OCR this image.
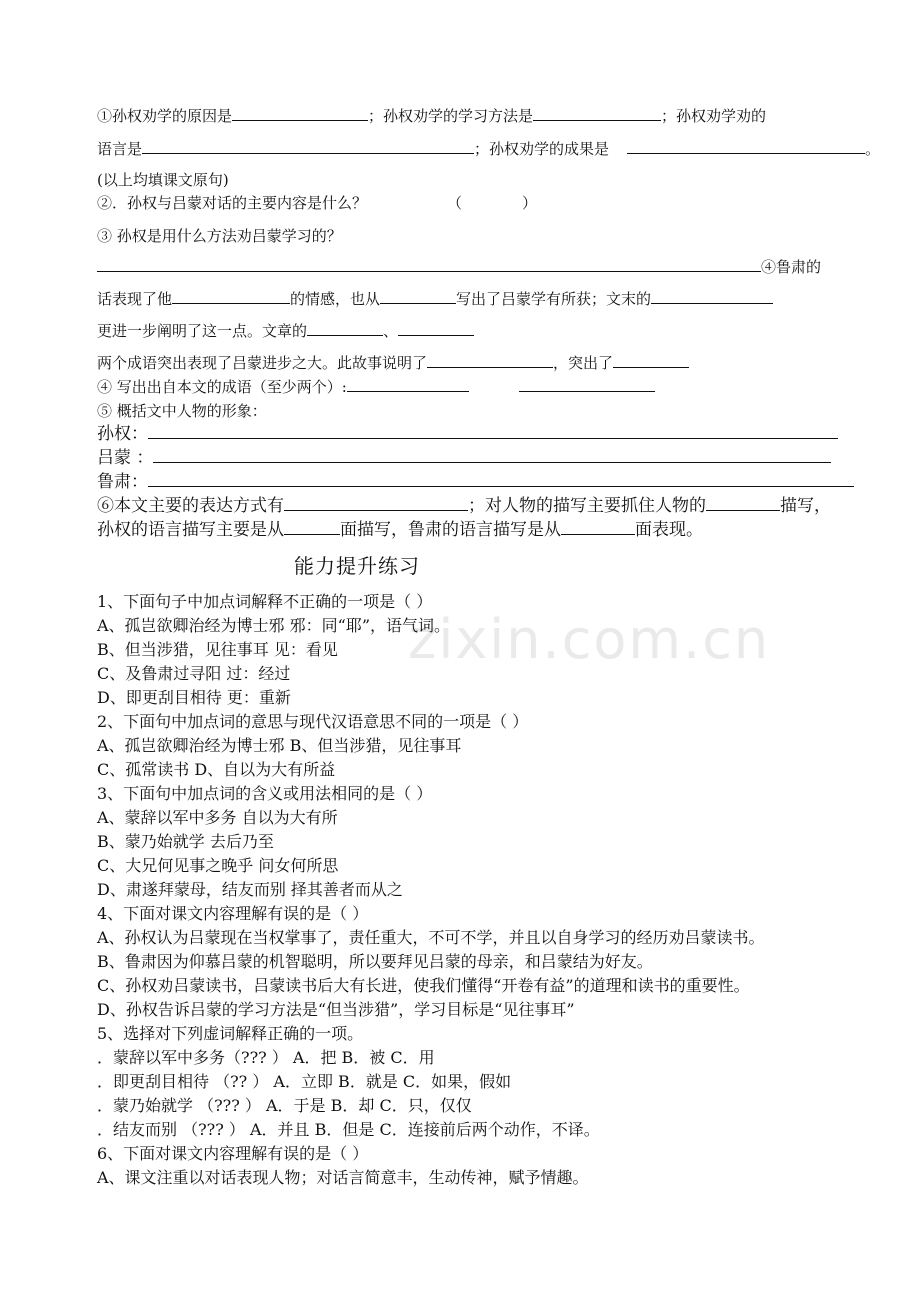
zixin.com.cn
①孙权劝学的原因是	；孙权劝学的学习方法是	；孙权劝学劝的
语言是	；孙权劝学的成果是	。
(以上均填课文原句)
②．孙权与吕蒙对话的主要内容是什么？	（	）
③ 孙权是用什么方法劝吕蒙学习的？
④鲁肃的
话表现了他	的情感，也从	写出了吕蒙学有所获；文末的
更进一步阐明了这一点。文章的	、
两个成语突出表现了吕蒙进步之大。此故事说明了	，突出了
④ 写出出自本文的成语（至少两个）:
⑤ 概括文中人物的形象：
孙权：
吕蒙 ：
鲁肃：
⑥本文主要的表达方式有	；对人物的描写主要抓住人物的	描写，
孙权的语言描写主要是从	面描写，鲁肃的语言描写是从	面表现。
能力提升练习
1、下面句子中加点词解释不正确的一项是（ ）
A、孤岂欲卿治经为博士邪 邪：同“耶”，语气词。
B、但当涉猎，见往事耳 见：看见
C、及鲁肃过寻阳 过：经过
D、即更刮目相待 更：重新
2、下面句中加点词的意思与现代汉语意思不同的一项是（ ）
A、孤岂欲卿治经为博士邪 B、但当涉猎，见往事耳
C、孤常读书 D、自以为大有所益
3、下面句中加点词的含义或用法相同的是（ ）
A、蒙辞以军中多务 自以为大有所
B、蒙乃始就学 去后乃至
C、大兄何见事之晚乎 问女何所思
D、肃遂拜蒙母，结友而别 择其善者而从之
4、下面对课文内容理解有误的是（ ）
A、孙权认为吕蒙现在当权掌事了，责任重大，不可不学，并且以自身学习的经历劝吕蒙读书。
B、鲁肃因为仰慕吕蒙的机智聪明，所以要拜见吕蒙的母亲，和吕蒙结为好友。
C、孙权劝吕蒙读书，吕蒙读书后大有长进，使我们懂得“开卷有益”的道理和读书的重要性。
D、孙权告诉吕蒙的学习方法是“但当涉猎”，学习目标是“见往事耳”
5、选择对下列虚词解释正确的一项。
．蒙辞以军中多务（??? ） A．把 B．被 C．用
．即更刮目相待 （?? ） A．立即 B．就是 C．如果，假如
．蒙乃始就学 （??? ） A．于是 B．却 C．只，仅仅
．结友而别 （??? ） A．并且 B．但是 C．连接前后两个动作，不译。
6、下面对课文内容理解有误的是（ ）
A、课文注重以对话表现人物；对话言简意丰，生动传神，赋予情趣。
